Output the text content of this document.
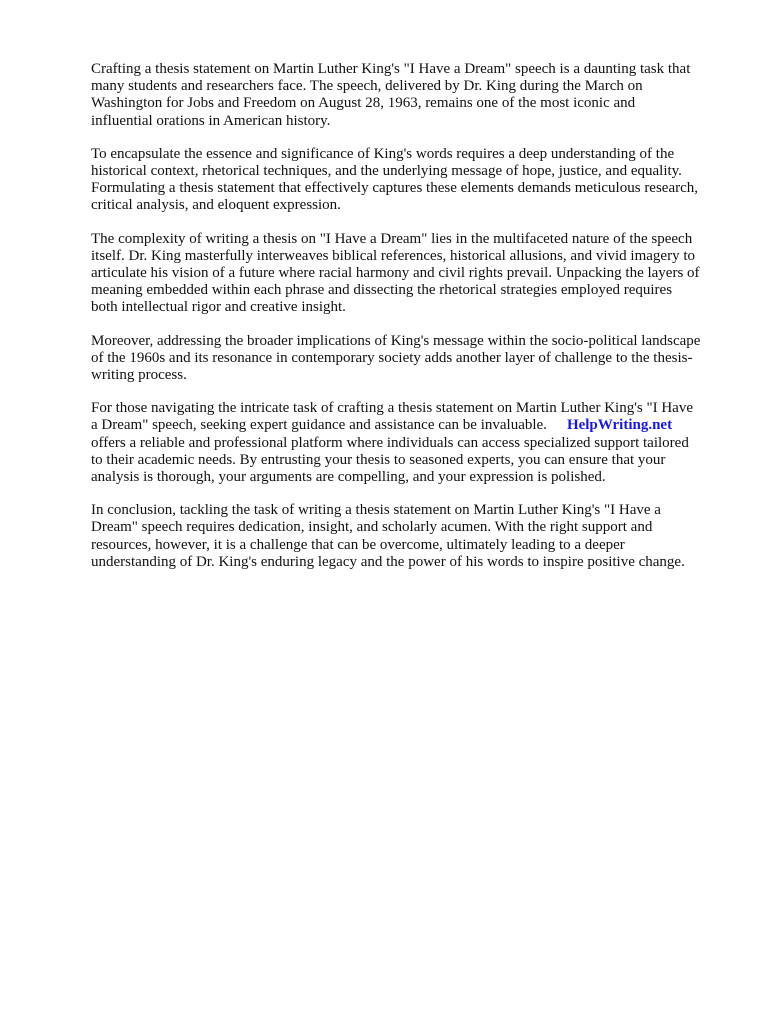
Crafting a thesis statement on Martin Luther King's "I Have a Dream" speech is a daunting task that
many students and researchers face. The speech, delivered by Dr. King during the March on
Washington for Jobs and Freedom on August 28, 1963, remains one of the most iconic and
influential orations in American history.

To encapsulate the essence and significance of King's words requires a deep understanding of the
historical context, rhetorical techniques, and the underlying message of hope, justice, and equality.
Formulating a thesis statement that effectively captures these elements demands meticulous research,
critical analysis, and eloquent expression.

The complexity of writing a thesis on "I Have a Dream" lies in the multifaceted nature of the speech
itself. Dr. King masterfully interweaves biblical references, historical allusions, and vivid imagery to
articulate his vision of a future where racial harmony and civil rights prevail. Unpacking the layers of
meaning embedded within each phrase and dissecting the rhetorical strategies employed requires
both intellectual rigor and creative insight.

Moreover, addressing the broader implications of King's message within the socio-political landscape
of the 1960s and its resonance in contemporary society adds another layer of challenge to the thesis-
writing process.

For those navigating the intricate task of crafting a thesis statement on Martin Luther King's "I Have
a Dream" speech, seeking expert guidance and assistance can be invaluable. HelpWriting.net
offers a reliable and professional platform where individuals can access specialized support tailored
to their academic needs. By entrusting your thesis to seasoned experts, you can ensure that your
analysis is thorough, your arguments are compelling, and your expression is polished.

In conclusion, tackling the task of writing a thesis statement on Martin Luther King's "I Have a
Dream" speech requires dedication, insight, and scholarly acumen. With the right support and
resources, however, it is a challenge that can be overcome, ultimately leading to a deeper
understanding of Dr. King's enduring legacy and the power of his words to inspire positive change.
